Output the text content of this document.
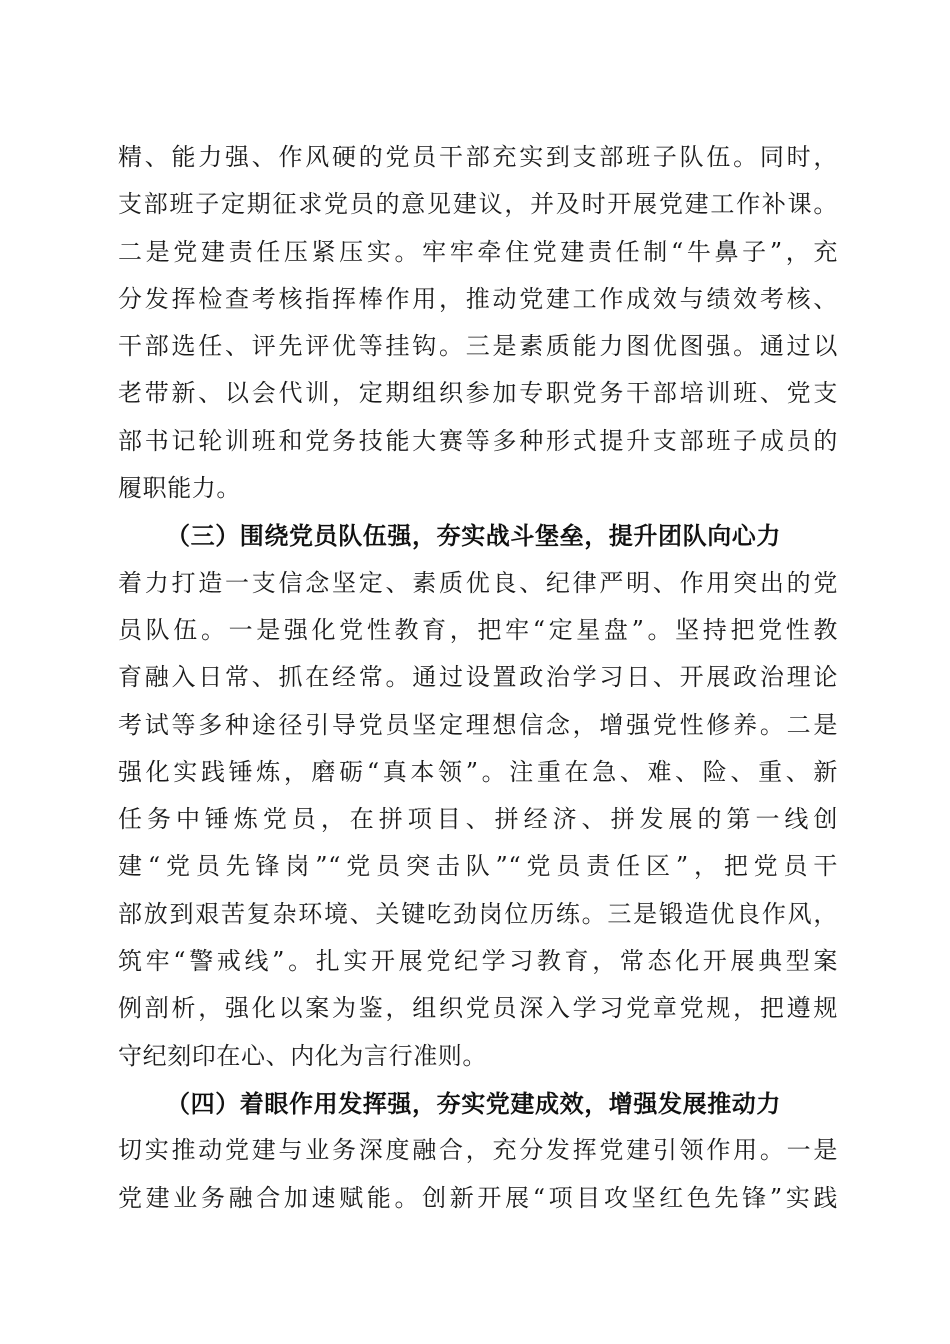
精、能力强、作风硬的党员干部充实到支部班子队伍。同时，
支部班子定期征求党员的意见建议，并及时开展党建工作补课。
二是党建责任压紧压实。牢牢牵住党建责任制“牛鼻子”，充
分发挥检查考核指挥棒作用，推动党建工作成效与绩效考核、
干部选任、评先评优等挂钩。三是素质能力图优图强。通过以
老带新、以会代训，定期组织参加专职党务干部培训班、党支
部书记轮训班和党务技能大赛等多种形式提升支部班子成员的
履职能力。
（三）围绕党员队伍强，夯实战斗堡垒，提升团队向心力
着力打造一支信念坚定、素质优良、纪律严明、作用突出的党
员队伍。一是强化党性教育，把牢“定星盘”。坚持把党性教
育融入日常、抓在经常。通过设置政治学习日、开展政治理论
考试等多种途径引导党员坚定理想信念，增强党性修养。二是
强化实践锤炼，磨砺“真本领”。注重在急、难、险、重、新
任务中锤炼党员，在拼项目、拼经济、拼发展的第一线创
建“党员先锋岗”“党员突击队”“党员责任区”，把党员干
部放到艰苦复杂环境、关键吃劲岗位历练。三是锻造优良作风，
筑牢“警戒线”。扎实开展党纪学习教育，常态化开展典型案
例剖析，强化以案为鉴，组织党员深入学习党章党规，把遵规
守纪刻印在心、内化为言行准则。
（四）着眼作用发挥强，夯实党建成效，增强发展推动力
切实推动党建与业务深度融合，充分发挥党建引领作用。一是
党建业务融合加速赋能。创新开展“项目攻坚红色先锋”实践
